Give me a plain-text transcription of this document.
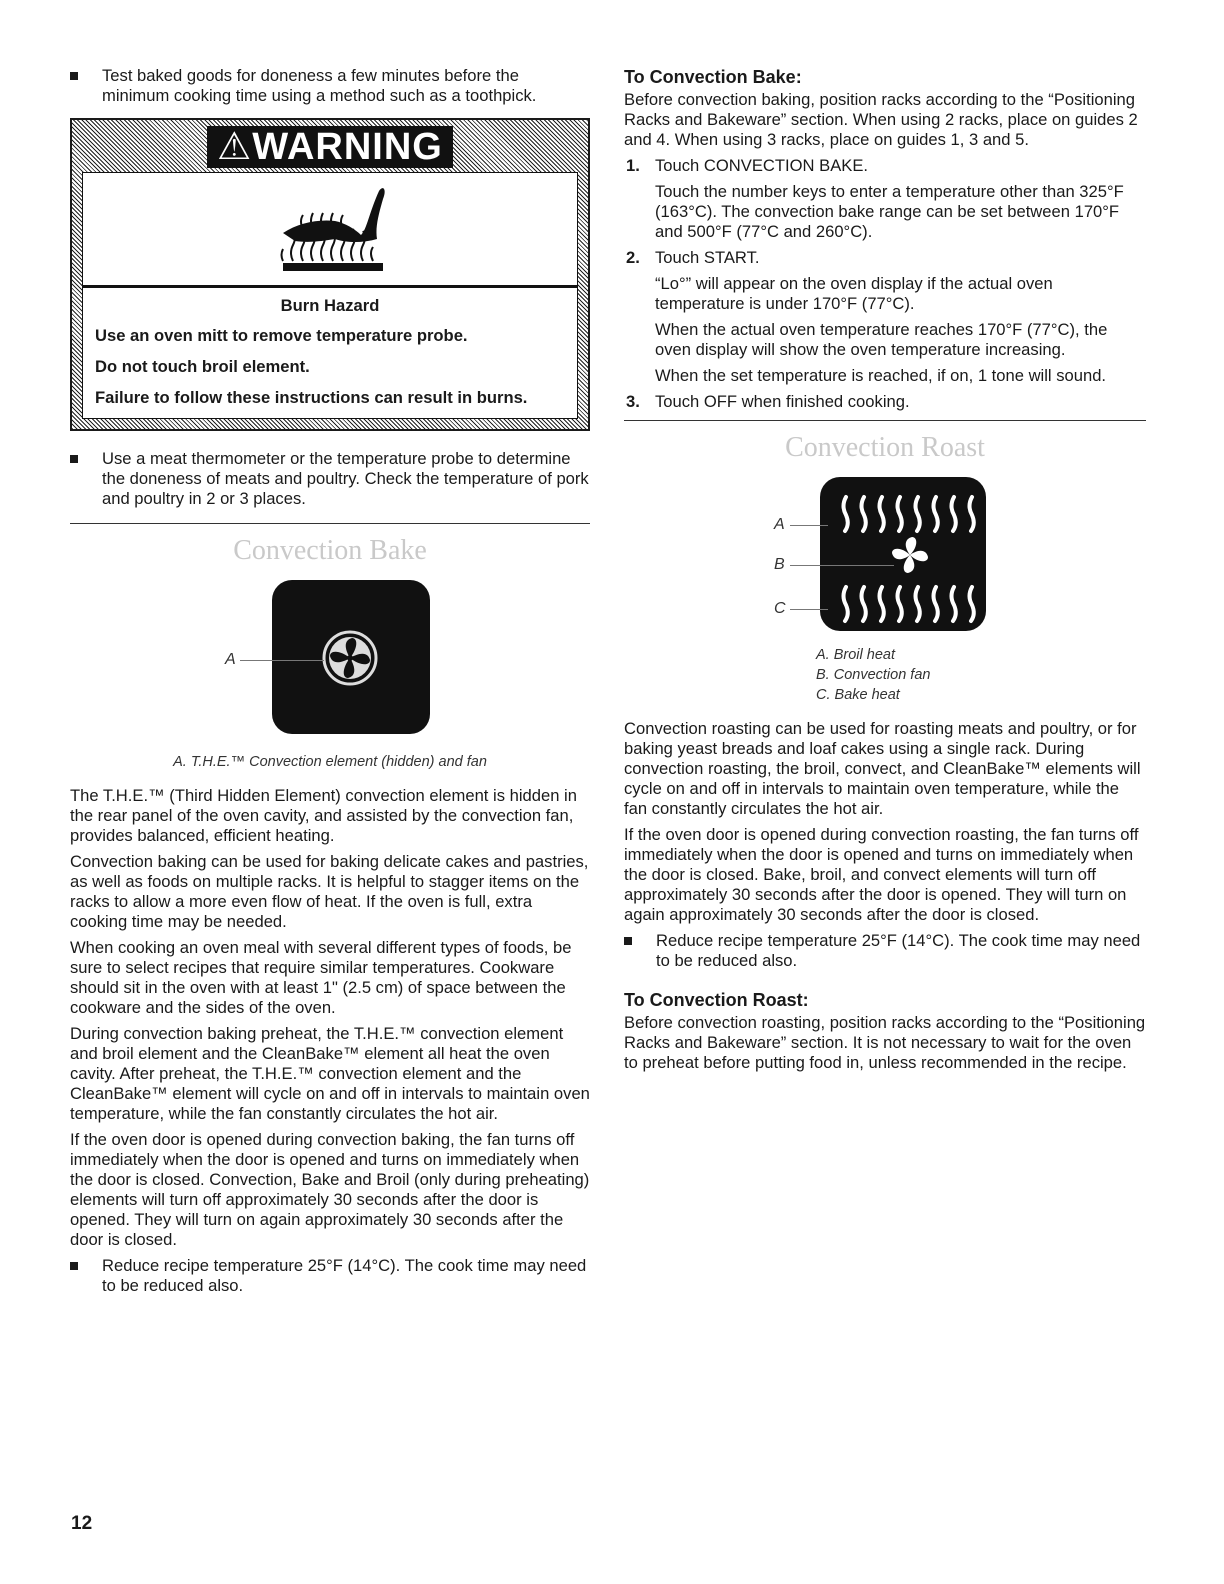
Test baked goods for doneness a few minutes before the minimum cooking time using a method such as a toothpick.
⚠WARNING
Burn Hazard
Use an oven mitt to remove temperature probe.
Do not touch broil element.
Failure to follow these instructions can result in burns.
Use a meat thermometer or the temperature probe to determine the doneness of meats and poultry. Check the temperature of pork and poultry in 2 or 3 places.
Convection Bake
A
A. T.H.E.™ Convection element (hidden) and fan

The T.H.E.™ (Third Hidden Element) convection element is hidden in the rear panel of the oven cavity, and assisted by the convection fan, provides balanced, efficient heating.

Convection baking can be used for baking delicate cakes and pastries, as well as foods on multiple racks. It is helpful to stagger items on the racks to allow a more even flow of heat. If the oven is full, extra cooking time may be needed.

When cooking an oven meal with several different types of foods, be sure to select recipes that require similar temperatures. Cookware should sit in the oven with at least 1" (2.5 cm) of space between the cookware and the sides of the oven.

During convection baking preheat, the T.H.E.™ convection element and broil element and the CleanBake™ element all heat the oven cavity. After preheat, the T.H.E.™ convection element and the CleanBake™ element will cycle on and off in intervals to maintain oven temperature, while the fan constantly circulates the hot air.

If the oven door is opened during convection baking, the fan turns off immediately when the door is opened and turns on immediately when the door is closed. Convection, Bake and Broil (only during preheating) elements will turn off approximately 30 seconds after the door is opened. They will turn on again approximately 30 seconds after the door is closed.

Reduce recipe temperature 25°F (14°C). The cook time may need to be reduced also.
To Convection Bake:

Before convection baking, position racks according to the “Positioning Racks and Bakeware” section. When using 2 racks, place on guides 2 and 4. When using 3 racks, place on guides 1, 3 and 5.

1. Touch CONVECTION BAKE.

Touch the number keys to enter a temperature other than 325°F (163°C). The convection bake range can be set between 170°F and 500°F (77°C and 260°C).

2. Touch START.

“Lo°” will appear on the oven display if the actual oven temperature is under 170°F (77°C).

When the actual oven temperature reaches 170°F (77°C), the oven display will show the oven temperature increasing.

When the set temperature is reached, if on, 1 tone will sound.

3. Touch OFF when finished cooking.

Convection Roast
A
B
C
A. Broil heat
B. Convection fan
C. Bake heat

Convection roasting can be used for roasting meats and poultry, or for baking yeast breads and loaf cakes using a single rack. During convection roasting, the broil, convect, and CleanBake™ elements will cycle on and off in intervals to maintain oven temperature, while the fan constantly circulates the hot air.

If the oven door is opened during convection roasting, the fan turns off immediately when the door is opened and turns on immediately when the door is closed. Bake, broil, and convect elements will turn off approximately 30 seconds after the door is opened. They will turn on again approximately 30 seconds after the door is closed.

Reduce recipe temperature 25°F (14°C). The cook time may need to be reduced also.
To Convection Roast:

Before convection roasting, position racks according to the “Positioning Racks and Bakeware” section. It is not necessary to wait for the oven to preheat before putting food in, unless recommended in the recipe.

12
